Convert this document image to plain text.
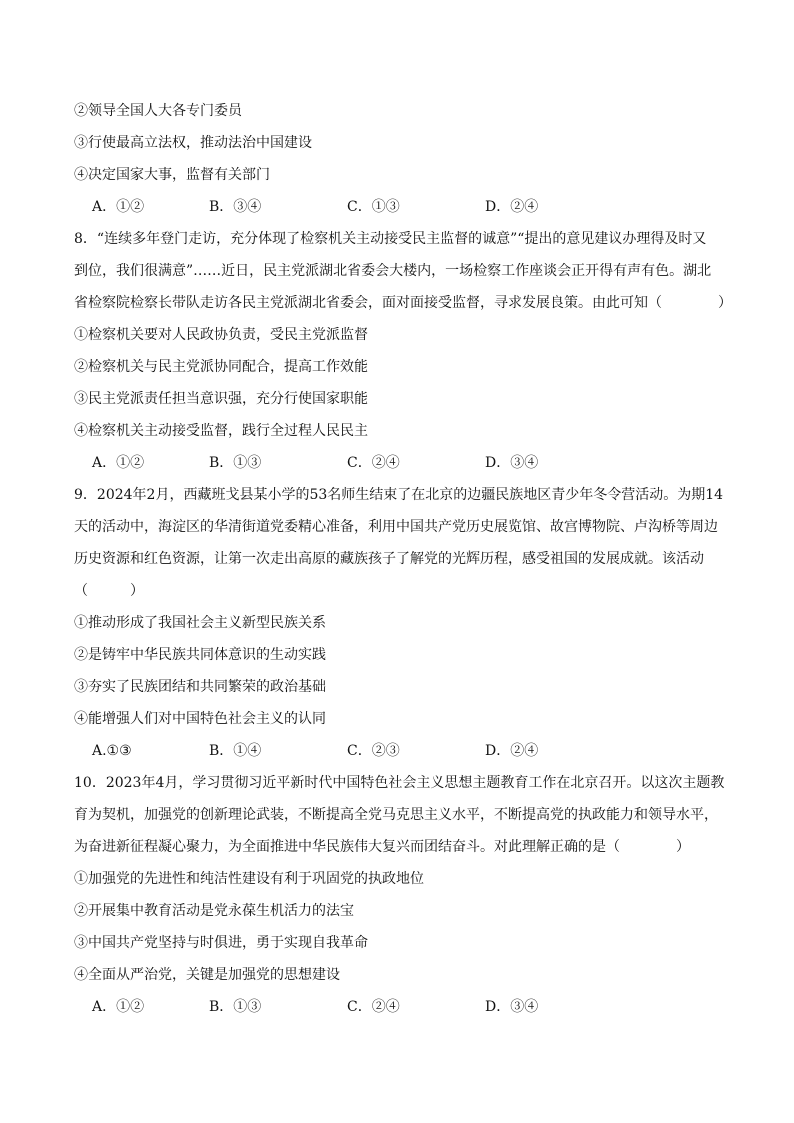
②领导全国人大各专门委员
③行使最高立法权，推动法治中国建设
④决定国家大事，监督有关部门
A．①②	B．③④	C．①③	D．②④
8．“连续多年登门走访，充分体现了检察机关主动接受民主监督的诚意”“提出的意见建议办理得及时又
到位，我们很满意”……近日，民主党派湖北省委会大楼内，一场检察工作座谈会正开得有声有色。湖北
省检察院检察长带队走访各民主党派湖北省委会，面对面接受监督，寻求发展良策。由此可知（　　　　）
①检察机关要对人民政协负责，受民主党派监督
②检察机关与民主党派协同配合，提高工作效能
③民主党派责任担当意识强，充分行使国家职能
④检察机关主动接受监督，践行全过程人民民主
A．①②	B．①③	C．②④	D．③④
9．2024年2月，西藏班戈县某小学的53名师生结束了在北京的边疆民族地区青少年冬令营活动。为期14
天的活动中，海淀区的华清街道党委精心准备，利用中国共产党历史展览馆、故宫博物院、卢沟桥等周边
历史资源和红色资源，让第一次走出高原的藏族孩子了解党的光辉历程，感受祖国的发展成就。该活动
（　　　）
①推动形成了我国社会主义新型民族关系
②是铸牢中华民族共同体意识的生动实践
③夯实了民族团结和共同繁荣的政治基础
④能增强人们对中国特色社会主义的认同
A.①③	B．①④	C．②③	D．②④
10．2023年4月，学习贯彻习近平新时代中国特色社会主义思想主题教育工作在北京召开。以这次主题教
育为契机，加强党的创新理论武装，不断提高全党马克思主义水平，不断提高党的执政能力和领导水平，
为奋进新征程凝心聚力，为全面推进中华民族伟大复兴而团结奋斗。对此理解正确的是（　　　　）
①加强党的先进性和纯洁性建设有利于巩固党的执政地位
②开展集中教育活动是党永葆生机活力的法宝
③中国共产党坚持与时俱进，勇于实现自我革命
④全面从严治党，关键是加强党的思想建设
A．①②	B．①③	C．②④	D．③④
